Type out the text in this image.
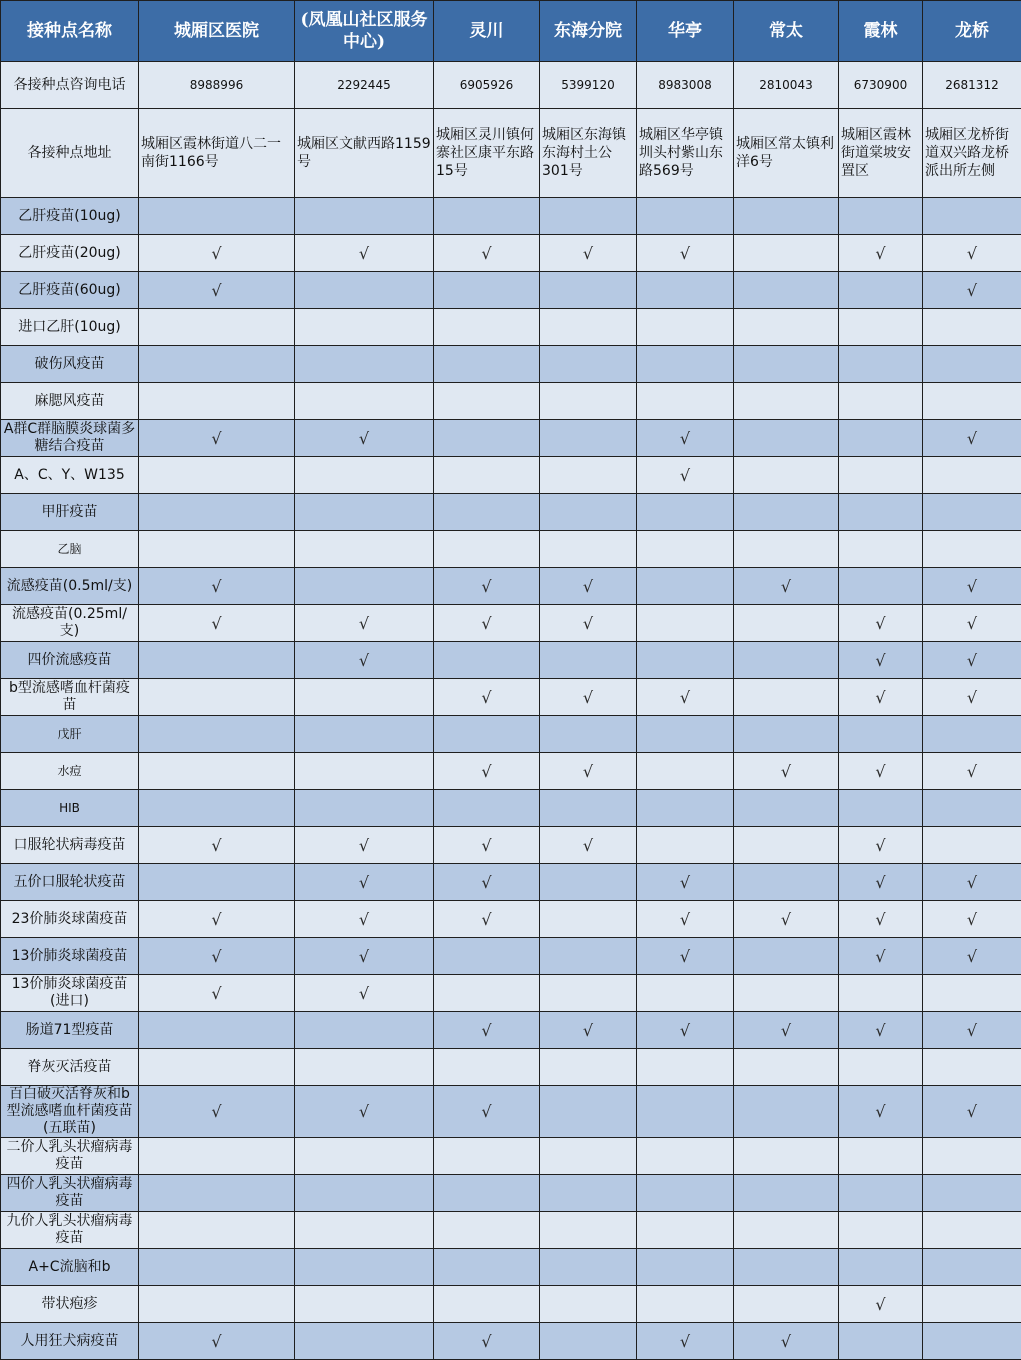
接种点名称	城厢区医院	(凤凰山社区服务中心)	灵川	东海分院	华亭	常太	霞林	龙桥
各接种点咨询电话	8988996	2292445	6905926	5399120	8983008	2810043	6730900	2681312
各接种点地址	城厢区霞林街道八二一南街1166号	城厢区文献西路1159号	城厢区灵川镇何寨社区康平东路15号	城厢区东海镇东海村土公301号	城厢区华亭镇圳头村紫山东路569号	城厢区常太镇利洋6号	城厢区霞林街道棠坡安置区	城厢区龙桥街道双兴路龙桥派出所左侧
乙肝疫苗(10ug)								
乙肝疫苗(20ug)	√	√	√	√	√		√	√
乙肝疫苗(60ug)	√							√
进口乙肝(10ug)								
破伤风疫苗								
麻腮风疫苗								
A群C群脑膜炎球菌多糖结合疫苗	√	√			√			√
A、C、Y、W135					√			
甲肝疫苗								
乙脑								
流感疫苗(0.5ml/支)	√		√	√		√		√
流感疫苗(0.25ml/支)	√	√	√	√			√	√
四价流感疫苗		√					√	√
b型流感嗜血杆菌疫苗			√	√	√		√	√
戊肝								
水痘			√	√		√	√	√
HIB								
口服轮状病毒疫苗	√	√	√	√			√	
五价口服轮状疫苗		√	√		√		√	√
23价肺炎球菌疫苗	√	√	√		√	√	√	√
13价肺炎球菌疫苗	√	√			√		√	√
13价肺炎球菌疫苗(进口)	√	√						
肠道71型疫苗			√	√	√	√	√	√
脊灰灭活疫苗								
百白破灭活脊灰和b型流感嗜血杆菌疫苗(五联苗)	√	√	√				√	√
二价人乳头状瘤病毒疫苗								
四价人乳头状瘤病毒疫苗								
九价人乳头状瘤病毒疫苗								
A+C流脑和b								
带状疱疹							√	
人用狂犬病疫苗	√		√		√	√		
